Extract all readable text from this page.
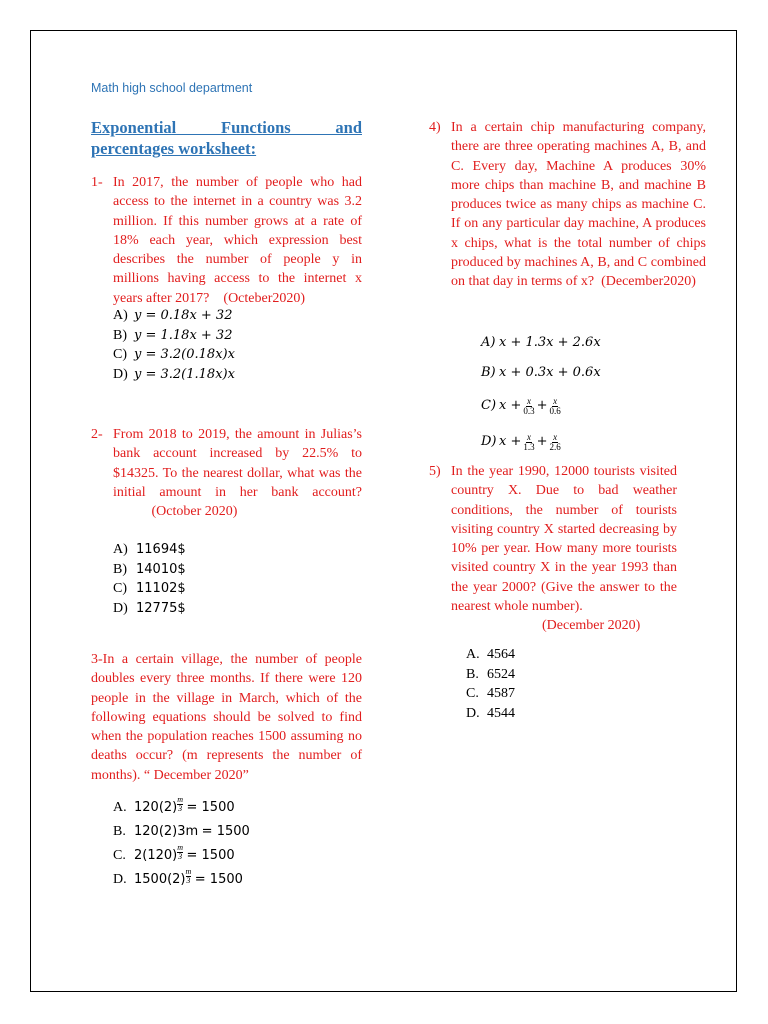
Math high school department
Exponential Functions and
percentages worksheet:
1- In 2017, the number of people who had access to the internet in a country was 3.2 million. If this number grows at a rate of 18% each year, which expression best describes the number of people y in millions having access to the internet x years after 2017? (Octeber2020)
A) y = 0.18x + 32
B) y = 1.18x + 32
C) y = 3.2(0.18x) x
D) y = 3.2(1.18x) x
2- From 2018 to 2019, the amount in Julias’s bank account increased by 22.5% to $14325. To the nearest dollar, what was the initial amount in her bank account?            (October 2020)
A) 11694$
B) 14010$
C) 11102$
D) 12775$
3-In a certain village, the number of people doubles every three months. If there were 120 people in the village in March, which of the following equations should be solved to find when the population reaches 1500 assuming no deaths occur? (m represents the number of months). “ December 2020”
A. $120(2) \frac{m}{3}$
= 1500
B. 120(2) 3m
= 1500
C. $2(120) \frac{m}{3}$
= 1500
D. $1500(2) \frac{m}{3}$
= 1500
4) In a certain chip manufacturing company, there are three operating machines A, B, and C. Every day, Machine A produces 30% more chips than machine B, and machine B produces twice as many chips as machine C. If on any particular day machine, A produces x chips, what is the total number of chips produced by machines A, B, and C combined on that day in terms of x? (December2020)
A) x + 1.3x + 2.6x
B) x + 0.3x + 0.6x
C) $x + \frac{x}{0.3} + \frac{x}{0.6}$
D) $x + \frac{x}{1.3} + \frac{x}{2.6}$
5) In the year 1990, 12000 tourists visited country X. Due to bad weather conditions, the number of tourists visiting country X started decreasing by 10% per year. How many more tourists visited country X in the year 1993 than the year 2000? (Give the answer to the nearest whole number).
(December 2020)
A. 4564
B. 6524
C. 4587
D. 4544
